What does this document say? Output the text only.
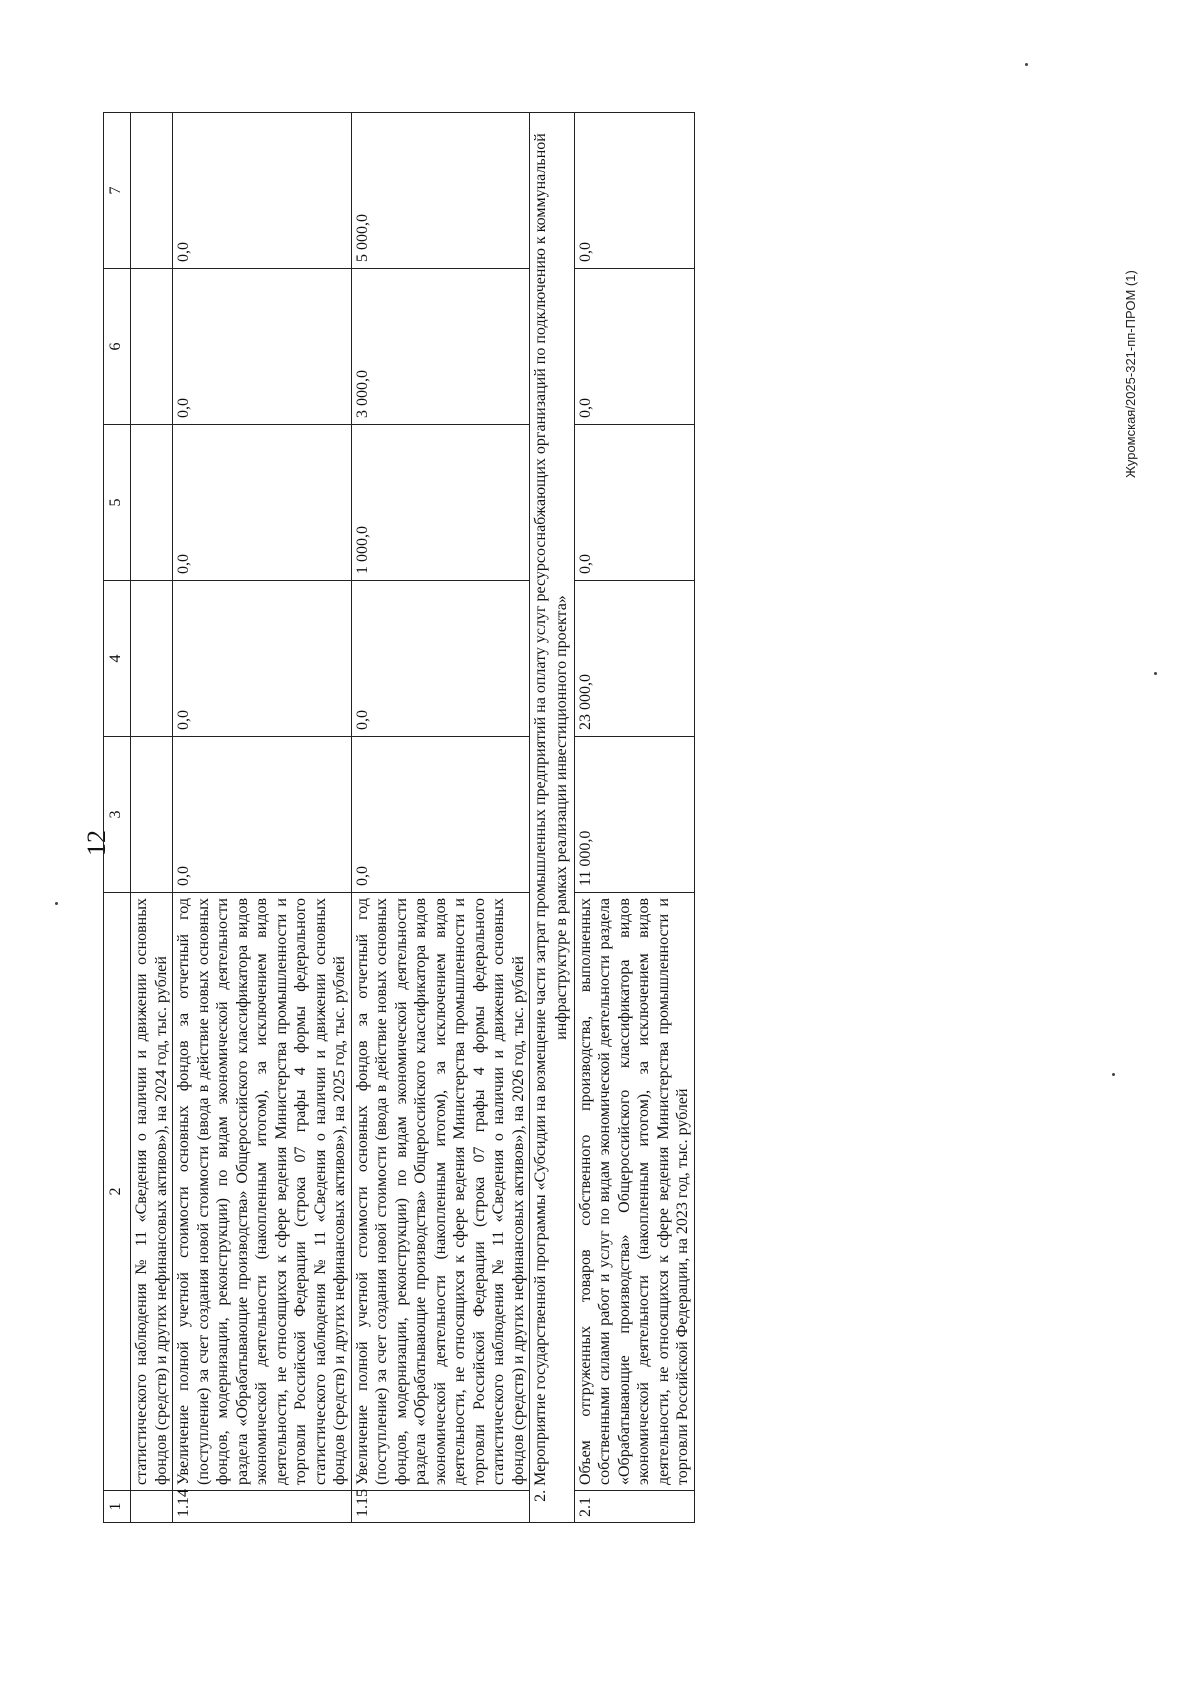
12
1	2	3	4	5	6	7
	статистического наблюдения № 11 «Сведения о наличии и движении основных фондов (средств) и других нефинансовых активов»), на 2024 год, тыс. рублей					
1.14	Увеличение полной учетной стоимости основных фондов за отчетный год (поступление) за счет создания новой стоимости (ввода в действие новых основных фондов, модернизации, реконструкции) по видам экономической деятельности раздела «Обрабатывающие производства» Общероссийского классификатора видов экономической деятельности (накопленным итогом), за исключением видов деятельности, не относящихся к сфере ведения Министерства промышленности и торговли Российской Федерации (строка 07 графы 4 формы федерального статистического наблюдения № 11 «Сведения о наличии и движении основных фондов (средств) и других нефинансовых активов»), на 2025 год, тыс. рублей	0,0	0,0	0,0	0,0	0,0
1.15	Увеличение полной учетной стоимости основных фондов за отчетный год (поступление) за счет создания новой стоимости (ввода в действие новых основных фондов, модернизации, реконструкции) по видам экономической деятельности раздела «Обрабатывающие производства» Общероссийского классификатора видов экономической деятельности (накопленным итогом), за исключением видов деятельности, не относящихся к сфере ведения Министерства промышленности и торговли Российской Федерации (строка 07 графы 4 формы федерального статистического наблюдения № 11 «Сведения о наличии и движении основных фондов (средств) и других нефинансовых активов»), на 2026 год, тыс. рублей	0,0	0,0	1 000,0	3 000,0	5 000,0
2. Мероприятие государственной программы «Субсидии на возмещение части затрат промышленных предприятий на оплату услуг ресурсоснабжающих организаций по подключению к коммунальной инфраструктуре в рамках реализации инвестиционного проекта»						
2.1	Объем отгруженных товаров собственного производства, выполненных собственными силами работ и услуг по видам экономической деятельности раздела «Обрабатывающие производства» Общероссийского классификатора видов экономической деятельности (накопленным итогом), за исключением видов деятельности, не относящихся к сфере ведения Министерства промышленности и торговли Российской Федерации, на 2023 год, тыс. рублей	11 000,0	23 000,0	0,0	0,0	0,0
Журомская/2025-321-пп-ПРОМ (1)
